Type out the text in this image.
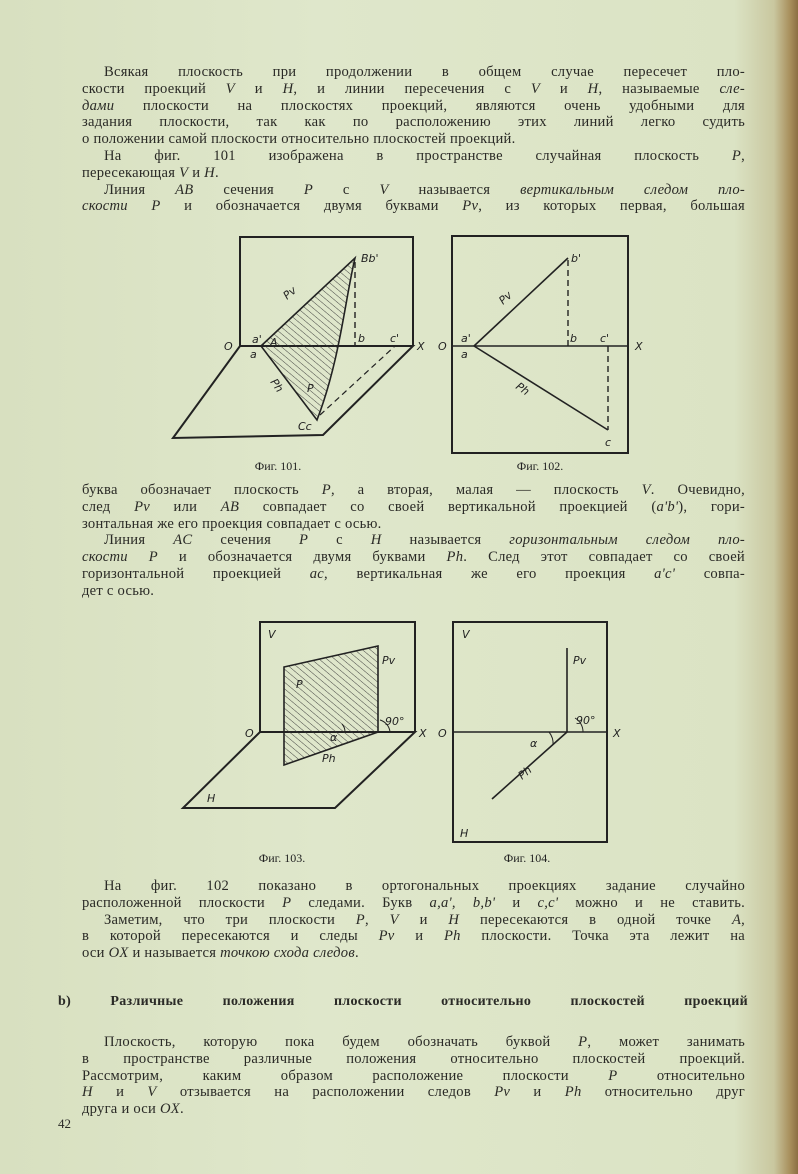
Всякая плоскость при продолжении в общем случае пересечет пло-
скости проекций V и H, и линии пересечения с V и H, называемые сле-
дами плоскости на плоскостях проекций, являются очень удобными для
задания плоскости, так как по расположению этих линий легко судить
о положении самой плоскости относительно плоскостей проекций.
На фиг. 101 изображена в пространстве случайная плоскость P,
пересекающая V и H.
Линия AB сечения P с V называется вертикальным следом пло-
скости P и обозначается двумя буквами Pv, из которых первая, большая
буква обозначает плоскость P, а вторая, малая — плоскость V. Очевидно,
след Pv или AB совпадает со своей вертикальной проекцией (a'b'), гори-
зонтальная же его проекция совпадает с осью.
Линия AC сечения P с H называется горизонтальным следом пло-
скости P и обозначается двумя буквами Ph. След этот совпадает со своей
горизонтальной проекцией ac, вертикальная же его проекция a'c' совпа-
дет с осью.
На фиг. 102 показано в ортогональных проекциях задание случайно
расположенной плоскости P следами. Букв a,a', b,b' и c,c' можно и не ставить.
Заметим, что три плоскости P, V и H пересекаются в одной точке A,
в которой пересекаются и следы Pv и Ph плоскости. Точка эта лежит на
оси OX и называется точкою схода следов.
b) Различные положения плоскости относительно плоскостей проекций
Плоскость, которую пока будем обозначать буквой P, может занимать
в пространстве различные положения относительно плоскостей проекций.
Рассмотрим, каким образом расположение плоскости P относительно
H и V отзывается на расположении следов Pv и Ph относительно друг
друга и оси OX.
42
O	X
Bb'
Pv
a'
a
A	b c'
Ph P
Cc
O	X
b'
Pv
a'
a
b c'
Ph
c
Фиг. 101.	Фиг. 102.
V
Pv
P
90°
α
Ph
O	X
H
V
Pv
90°
α
Ph
O	X
H
Фиг. 103.	Фиг. 104.
